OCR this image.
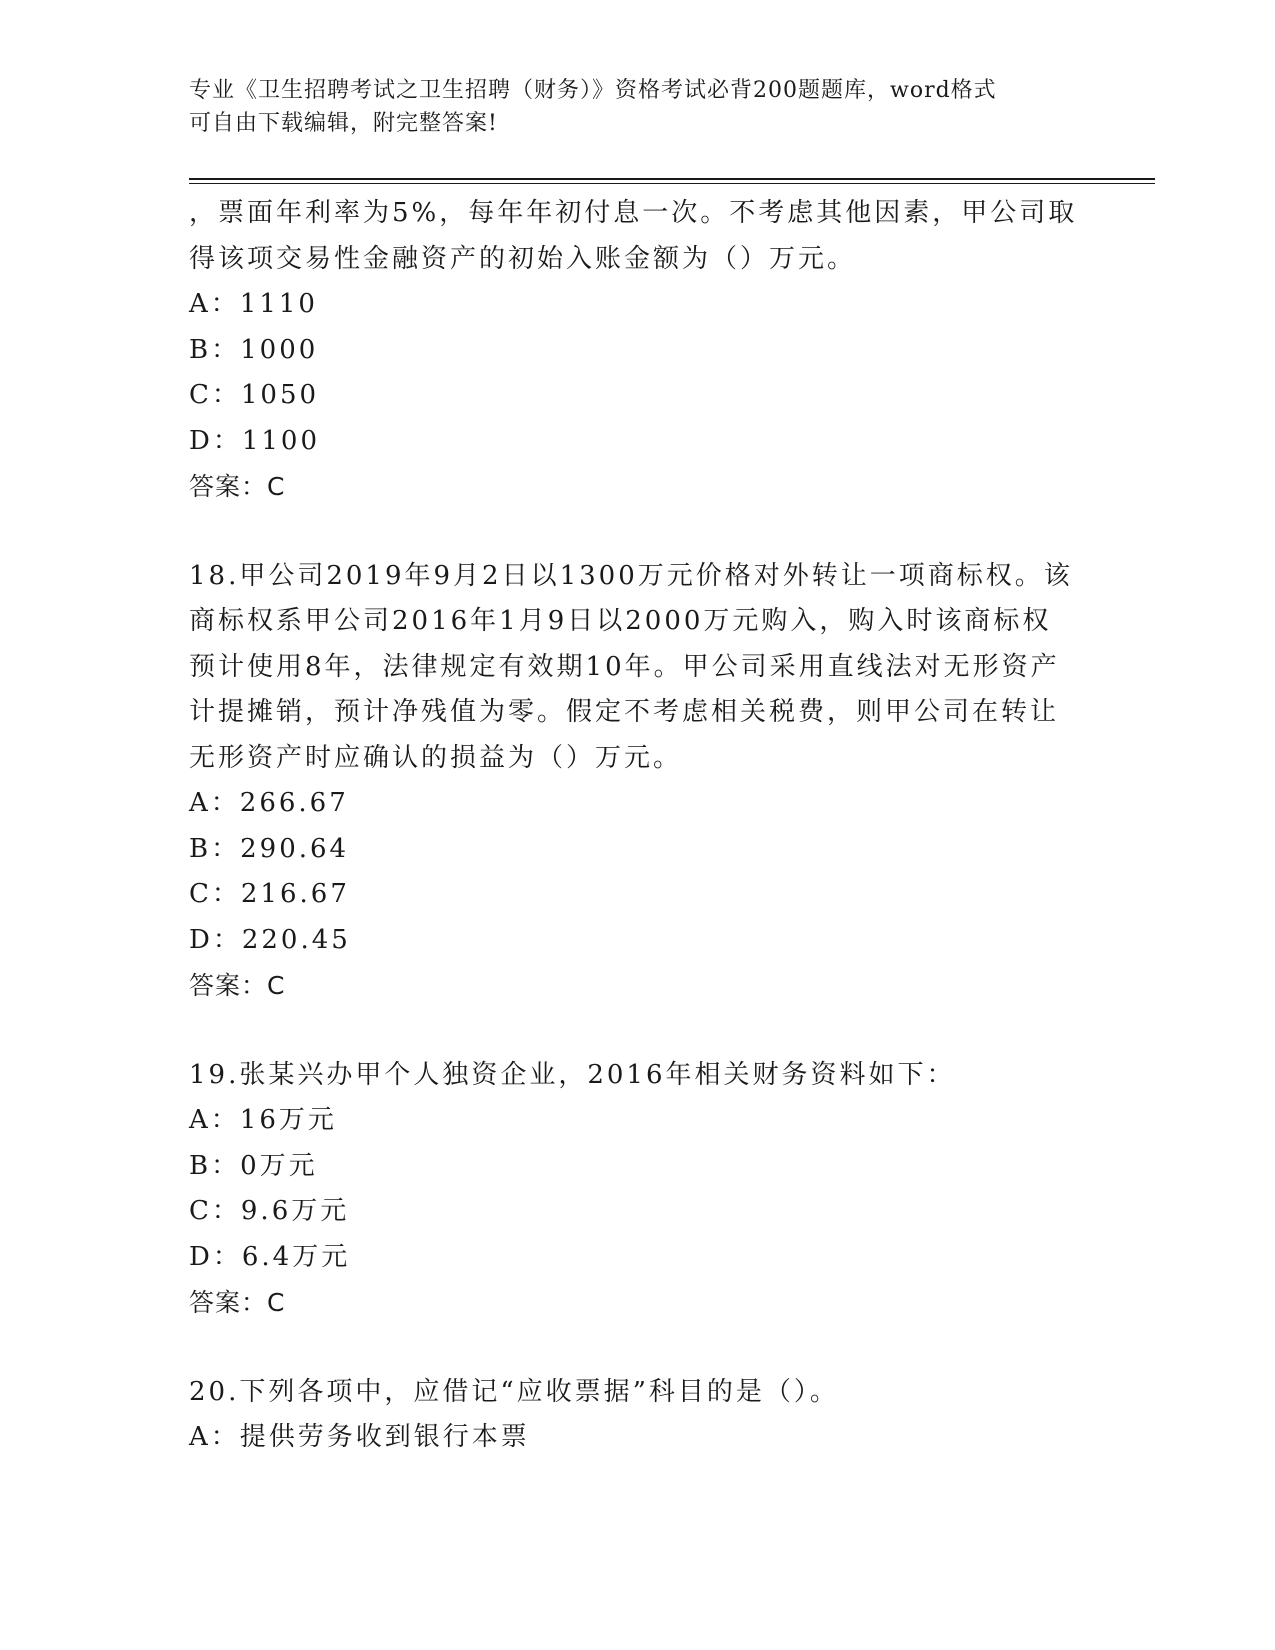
专业《卫生招聘考试之卫生招聘（财务）》资格考试必背200题题库，word格式
可自由下载编辑，附完整答案!
，票面年利率为5%，每年年初付息一次。不考虑其他因素，甲公司取
得该项交易性金融资产的初始入账金额为（）万元。
A：1110
B：1000
C：1050
D：1100
答案：C
18.甲公司2019年9月2日以1300万元价格对外转让一项商标权。该
商标权系甲公司2016年1月9日以2000万元购入，购入时该商标权
预计使用8年，法律规定有效期10年。甲公司采用直线法对无形资产
计提摊销，预计净残值为零。假定不考虑相关税费，则甲公司在转让
无形资产时应确认的损益为（）万元。
A：266.67
B：290.64
C：216.67
D：220.45
答案：C
19.张某兴办甲个人独资企业，2016年相关财务资料如下：
A：16万元
B：0万元
C：9.6万元
D：6.4万元
答案：C
20.下列各项中，应借记“应收票据”科目的是（）。
A：提供劳务收到银行本票
